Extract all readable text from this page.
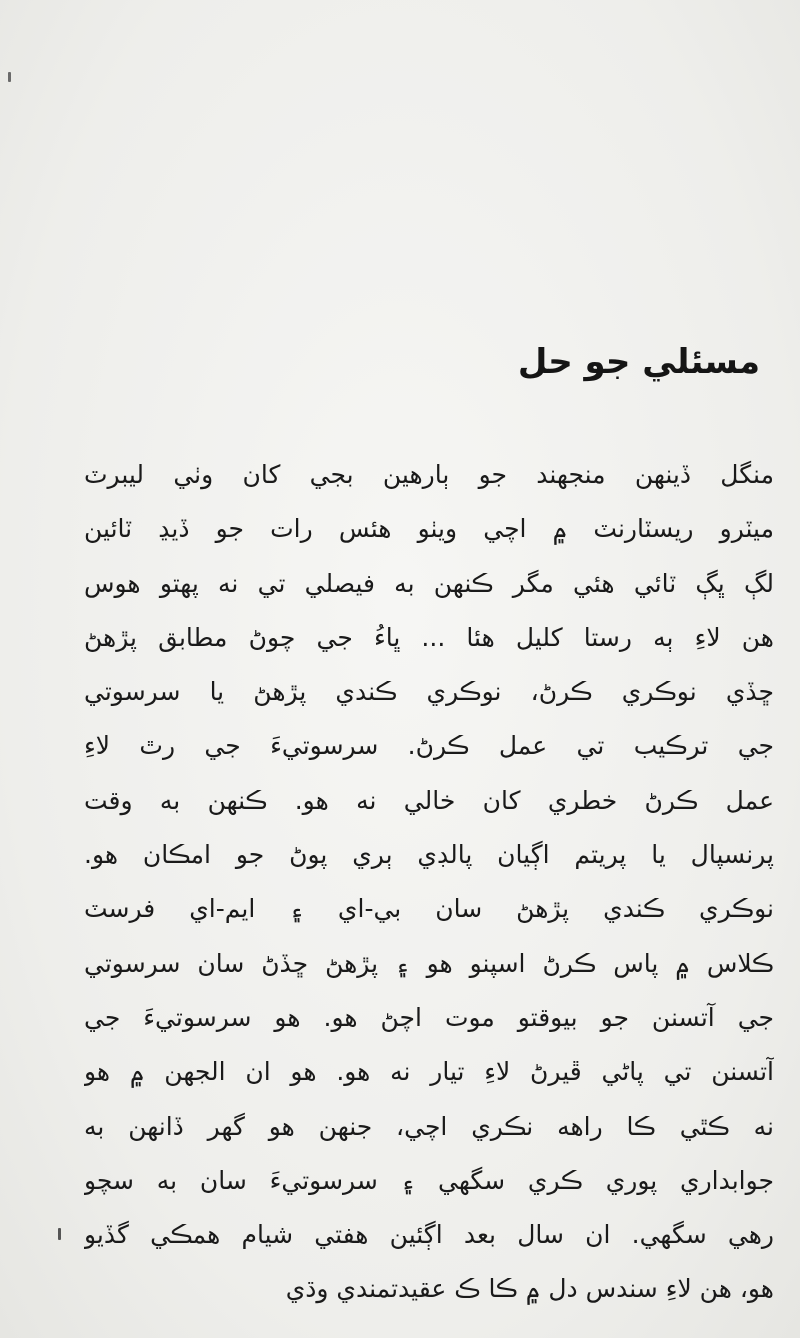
مسئلي جو حل
منگل ڏينهن منجهند جو ٻارهين بجي کان وٺي ليبرٽ
ميٽرو ريسٽارنٽ ۾ اچي ويٺو هئس رات جو ڏيڍ ٽائين
لڳ ڀڳ ٽائي هئي مگر ڪنهن به فيصلي تي نه پهتو هوس
هن لاءِ ٻه رستا کليل هئا ... ڀاءُ جي چوڻ مطابق پڙهڻ
ڇڏي نوڪري ڪرڻ، نوڪري ڪندي پڙهڻ يا سرسوتي
جي ترڪيب تي عمل ڪرڻ. سرسوتيءَ جي رٿ لاءِ
عمل ڪرڻ خطري کان خالي نه هو. ڪنهن به وقت
پرنسپال يا پريتم اڳيان پالڊي ٻري پوڻ جو امڪان هو.
نوڪري ڪندي پڙهڻ سان بي-اي ۽ ايم-اي فرسٽ
ڪلاس ۾ پاس ڪرڻ اسپنو هو ۽ پڙهڻ ڇڏڻ سان سرسوتي
جي آتسنن جو بيوقتو موت اچڻ هو. هو سرسوتيءَ جي
آتسنن تي پاڻي ڦيرڻ لاءِ تيار نه هو. هو ان الجهن ۾ هو
نه ڪٿي ڪا راهه نڪري اچي، جنهن هو گهر ڏانهن به
جوابداري پوري ڪري سگهي ۽ سرسوتيءَ سان به سچو
رهي سگهي. ان سال بعد اڳئين هفتي شيام همڪي گڏيو
هو، هن لاءِ سندس دل ۾ ڪا ڪ عقيدتمندي وڌي
